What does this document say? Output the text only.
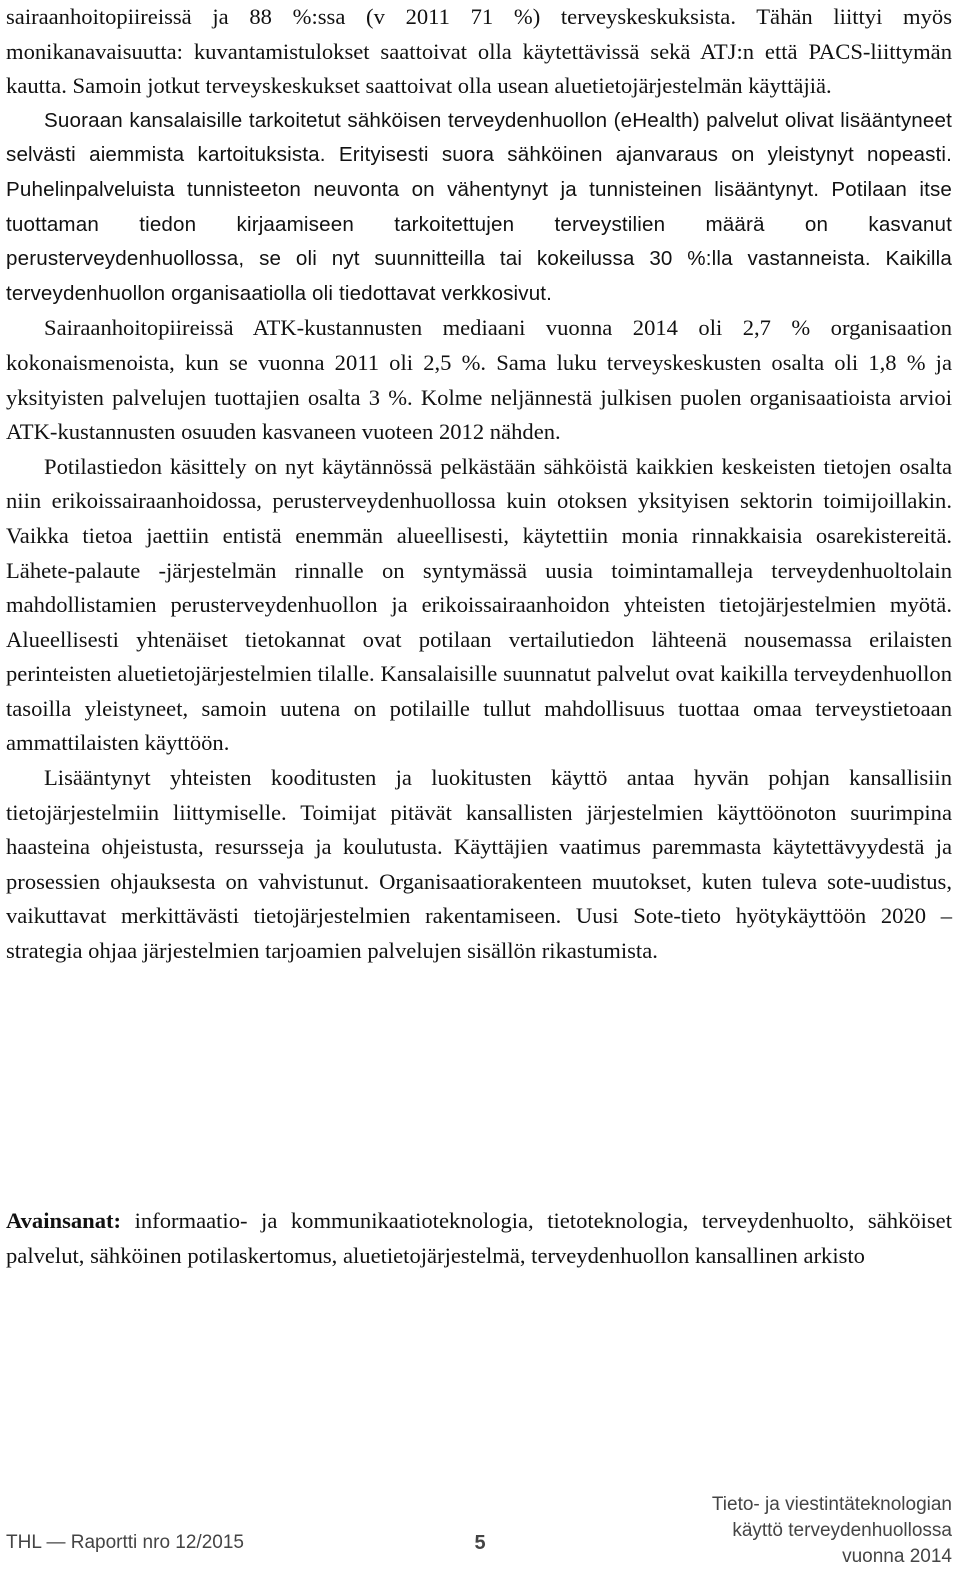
sairaanhoitopiireissä ja 88 %:ssa (v 2011 71 %) terveyskeskuksista. Tähän liittyi myös monikanavaisuutta: kuvantamistulokset saattoivat olla käytettävissä sekä ATJ:n että PACS-liittymän kautta. Samoin jotkut terveyskeskukset saattoivat olla usean aluetietojärjestelmän käyttäjiä.

Suoraan kansalaisille tarkoitetut sähköisen terveydenhuollon (eHealth) palvelut olivat lisääntyneet selvästi aiemmista kartoituksista. Erityisesti suora sähköinen ajanvaraus on yleistynyt nopeasti. Puhelinpalveluista tunnisteeton neuvonta on vähentynyt ja tunnisteinen lisääntynyt. Potilaan itse tuottaman tiedon kirjaamiseen tarkoitettujen terveystilien määrä on kasvanut perusterveydenhuollossa, se oli nyt suunnitteilla tai kokeilussa 30 %:lla vastanneista. Kaikilla terveydenhuollon organisaatiolla oli tiedottavat verkkosivut.

Sairaanhoitopiireissä ATK-kustannusten mediaani vuonna 2014 oli 2,7 % organisaation kokonaismenoista, kun se vuonna 2011 oli 2,5 %. Sama luku terveyskeskusten osalta oli 1,8 % ja yksityisten palvelujen tuottajien osalta 3 %. Kolme neljännestä julkisen puolen organisaatioista arvioi ATK-kustannusten osuuden kasvaneen vuoteen 2012 nähden.

Potilastiedon käsittely on nyt käytännössä pelkästään sähköistä kaikkien keskeisten tietojen osalta niin erikoissairaanhoidossa, perusterveydenhuollossa kuin otoksen yksityisen sektorin toimijoillakin. Vaikka tietoa jaettiin entistä enemmän alueellisesti, käytettiin monia rinnakkaisia osarekistereitä. Lähete-palaute -järjestelmän rinnalle on syntymässä uusia toimintamalleja terveydenhuoltolain mahdollistamien perusterveydenhuollon ja erikoissairaanhoidon yhteisten tietojärjestelmien myötä. Alueellisesti yhtenäiset tietokannat ovat potilaan vertailutiedon lähteenä nousemassa erilaisten perinteisten aluetietojärjestelmien tilalle. Kansalaisille suunnatut palvelut ovat kaikilla terveydenhuollon tasoilla yleistyneet, samoin uutena on potilaille tullut mahdollisuus tuottaa omaa terveystietoaan ammattilaisten käyttöön.

Lisääntynyt yhteisten kooditusten ja luokitusten käyttö antaa hyvän pohjan kansallisiin tietojärjestelmiin liittymiselle. Toimijat pitävät kansallisten järjestelmien käyttöönoton suurimpina haasteina ohjeistusta, resursseja ja koulutusta. Käyttäjien vaatimus paremmasta käytettävyydestä ja prosessien ohjauksesta on vahvistunut. Organisaatiorakenteen muutokset, kuten tuleva sote-uudistus, vaikuttavat merkittävästi tietojärjestelmien rakentamiseen. Uusi Sote-tieto hyötykäyttöön 2020 – strategia ohjaa järjestelmien tarjoamien palvelujen sisällön rikastumista.

Avainsanat: informaatio- ja kommunikaatioteknologia, tietoteknologia, terveydenhuolto, sähköiset palvelut, sähköinen potilaskertomus, aluetietojärjestelmä, terveydenhuollon kansallinen arkisto

THL — Raportti nro 12/2015	5
Tieto- ja viestintäteknologian
käyttö terveydenhuollossa
vuonna 2014
